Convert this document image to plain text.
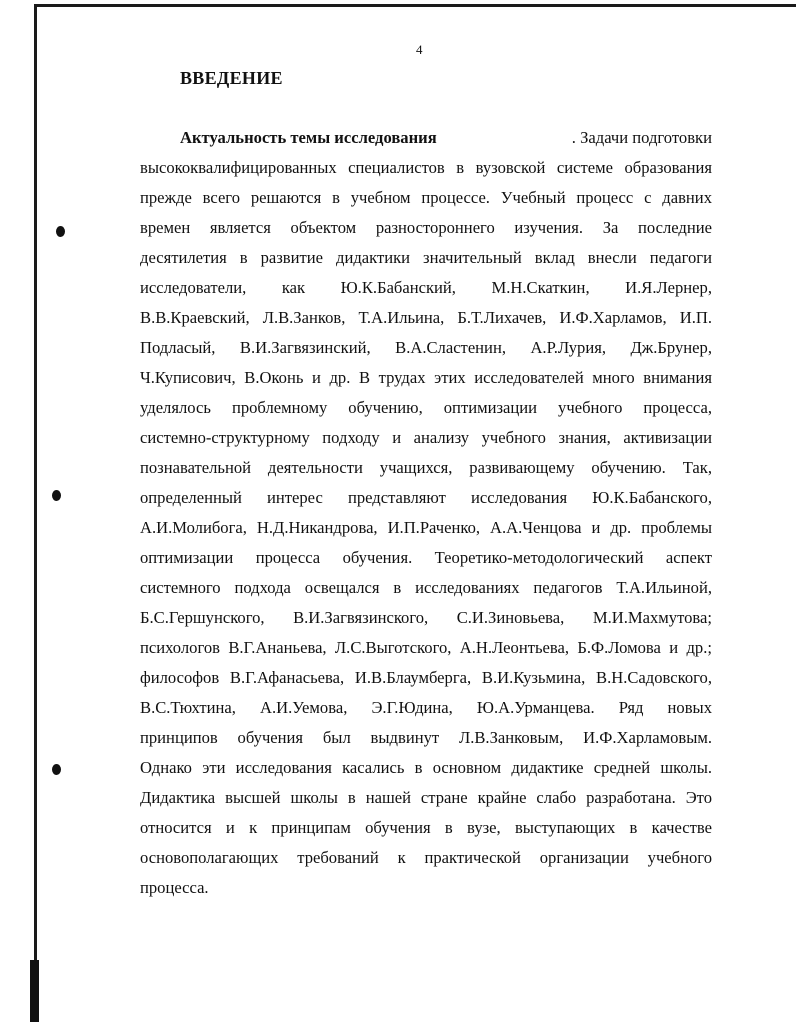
4
ВВЕДЕНИЕ
Актуальность темы исследования	. Задачи подготовки
высококвалифицированных специалистов в вузовской системе образования
прежде всего решаются в учебном процессе. Учебный процесс с давних
времен является объектом разностороннего изучения. За последние
десятилетия в развитие дидактики значительный вклад внесли педагоги
исследователи, как Ю.К.Бабанский, М.Н.Скаткин, И.Я.Лернер,
В.В.Краевский, Л.В.Занков, Т.А.Ильина, Б.Т.Лихачев, И.Ф.Харламов, И.П.
Подласый, В.И.Загвязинский, В.А.Сластенин, А.Р.Лурия, Дж.Брунер,
Ч.Куписович, В.Оконь и др. В трудах этих исследователей много внимания
уделялось проблемному обучению, оптимизации учебного процесса,
системно-структурному подходу и анализу учебного знания, активизации
познавательной деятельности учащихся, развивающему обучению. Так,
определенный интерес представляют исследования Ю.К.Бабанского,
А.И.Молибога, Н.Д.Никандрова, И.П.Раченко, А.А.Ченцова и др. проблемы
оптимизации процесса обучения. Теоретико-методологический аспект
системного подхода освещался в исследованиях педагогов Т.А.Ильиной,
Б.С.Гершунского, В.И.Загвязинского, С.И.Зиновьева, М.И.Махмутова;
психологов В.Г.Ананьева, Л.С.Выготского, А.Н.Леонтьева, Б.Ф.Ломова и др.;
философов В.Г.Афанасьева, И.В.Блаумберга, В.И.Кузьмина, В.Н.Садовского,
В.С.Тюхтина, А.И.Уемова, Э.Г.Юдина, Ю.А.Урманцева. Ряд новых
принципов обучения был выдвинут Л.В.Занковым, И.Ф.Харламовым.
Однако эти исследования касались в основном дидактике средней школы.
Дидактика высшей школы в нашей стране крайне слабо разработана. Это
относится и к принципам обучения в вузе, выступающих в качестве
основополагающих требований к практической организации учебного
процесса.
